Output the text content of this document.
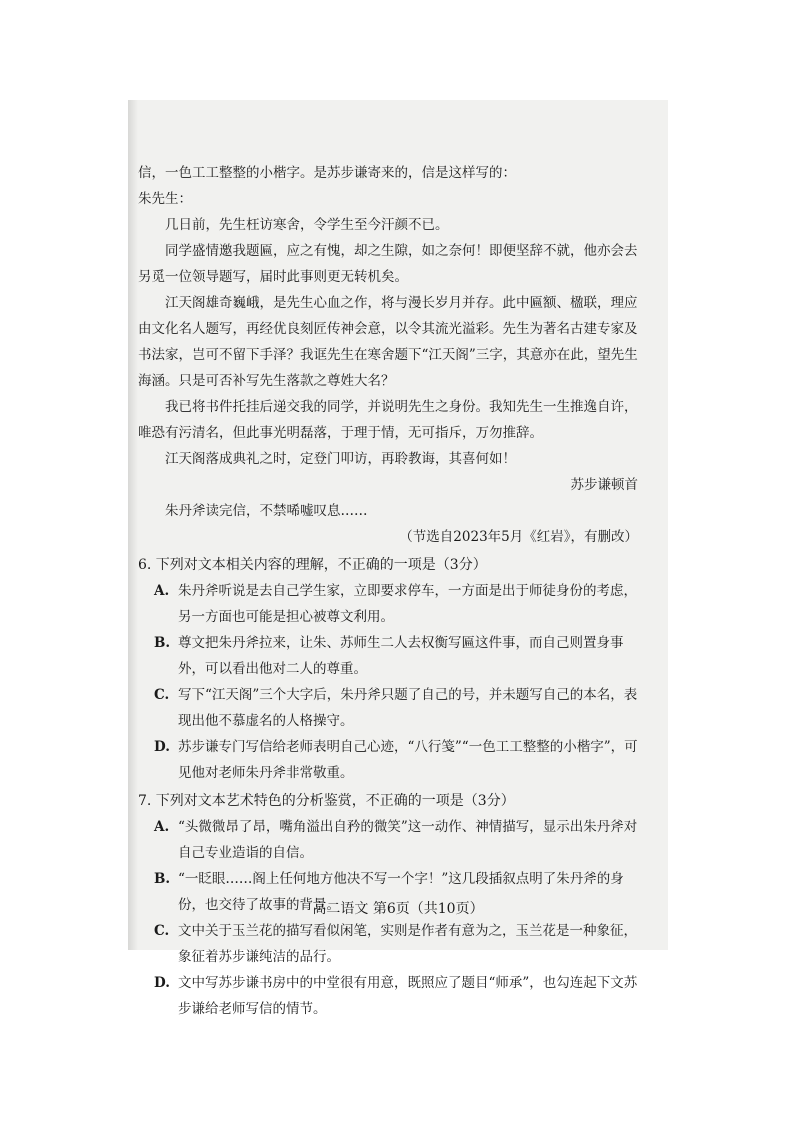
信，一色工工整整的小楷字。是苏步谦寄来的，信是这样写的：

朱先生：

几日前，先生枉访寒舍，令学生至今汗颜不已。

同学盛情邀我题匾，应之有愧，却之生隙，如之奈何！即便坚辞不就，他亦会去另觅一位领导题写，届时此事则更无转机矣。

江天阁雄奇巍峨，是先生心血之作，将与漫长岁月并存。此中匾额、楹联，理应由文化名人题写，再经优良刻匠传神会意，以令其流光溢彩。先生为著名古建专家及书法家，岂可不留下手泽？我诓先生在寒舍题下“江天阁”三字，其意亦在此，望先生海涵。只是可否补写先生落款之尊姓大名？

我已将书件托挂后递交我的同学，并说明先生之身份。我知先生一生推逸自许，唯恐有污清名，但此事光明磊落，于理于情，无可指斥，万勿推辞。

江天阁落成典礼之时，定登门叩访，再聆教诲，其喜何如！

苏步谦顿首

朱丹斧读完信，不禁唏嘘叹息……

（节选自2023年5月《红岩》，有删改）

6. 下列对文本相关内容的理解，不正确的一项是（3分）

A. 朱丹斧听说是去自己学生家，立即要求停车，一方面是出于师徒身份的考虑，另一方面也可能是担心被尊文利用。
B. 尊文把朱丹斧拉来，让朱、苏师生二人去权衡写匾这件事，而自己则置身事外，可以看出他对二人的尊重。
C. 写下“江天阁”三个大字后，朱丹斧只题了自己的号，并未题写自己的本名，表现出他不慕虚名的人格操守。
D. 苏步谦专门写信给老师表明自己心迹，“八行笺”“一色工工整整的小楷字”，可见他对老师朱丹斧非常敬重。

7. 下列对文本艺术特色的分析鉴赏，不正确的一项是（3分）

A. “头微微昂了昂，嘴角溢出自矜的微笑”这一动作、神情描写，显示出朱丹斧对自己专业造诣的自信。
B. “一眨眼……阁上任何地方他决不写一个字！”这几段插叙点明了朱丹斧的身份，也交待了故事的背景。
C. 文中关于玉兰花的描写看似闲笔，实则是作者有意为之，玉兰花是一种象征，象征着苏步谦纯洁的品行。
D. 文中写苏步谦书房中的中堂很有用意，既照应了题目“师承”，也勾连起下文苏步谦给老师写信的情节。
高二语文 第6页（共10页）
